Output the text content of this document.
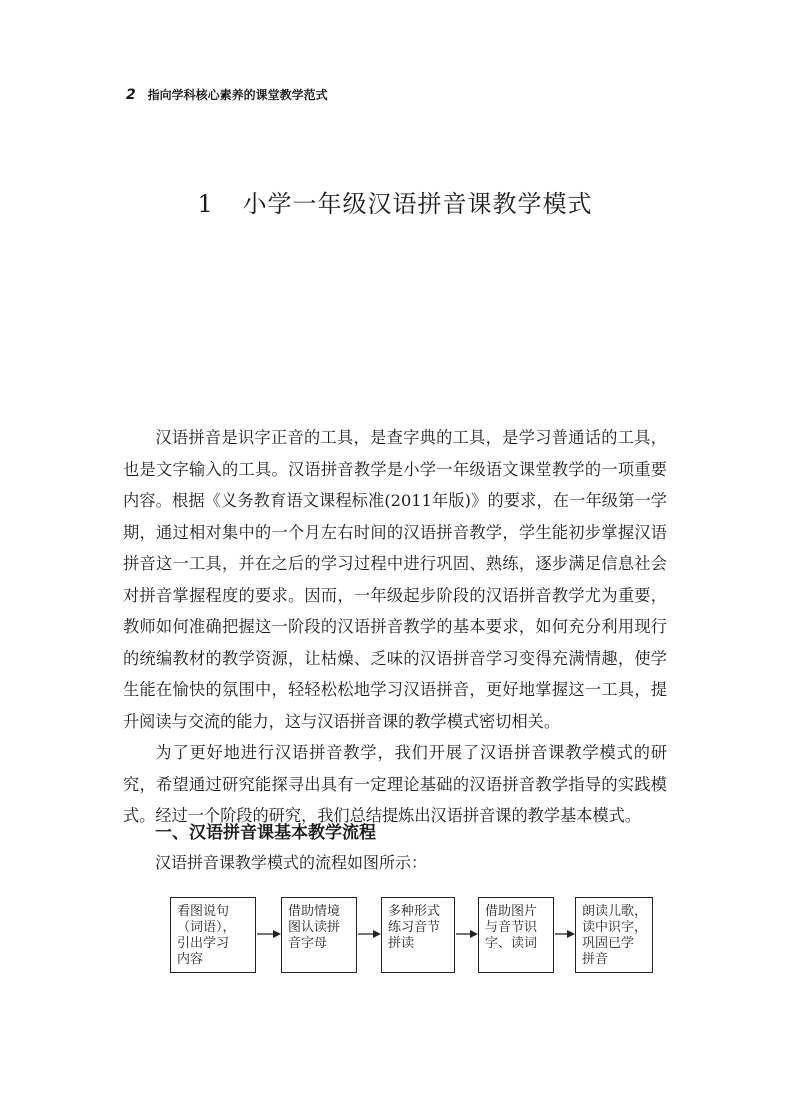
2 指向学科核心素养的课堂教学范式
1 小学一年级汉语拼音课教学模式

汉语拼音是识字正音的工具，是查字典的工具，是学习普通话的工具，也是文字输入的工具。汉语拼音教学是小学一年级语文课堂教学的一项重要内容。根据《义务教育语文课程标准(2011年版)》的要求，在一年级第一学期，通过相对集中的一个月左右时间的汉语拼音教学，学生能初步掌握汉语拼音这一工具，并在之后的学习过程中进行巩固、熟练，逐步满足信息社会对拼音掌握程度的要求。因而，一年级起步阶段的汉语拼音教学尤为重要，教师如何准确把握这一阶段的汉语拼音教学的基本要求，如何充分利用现行的统编教材的教学资源，让枯燥、乏味的汉语拼音学习变得充满情趣，使学生能在愉快的氛围中，轻轻松松地学习汉语拼音，更好地掌握这一工具，提升阅读与交流的能力，这与汉语拼音课的教学模式密切相关。

为了更好地进行汉语拼音教学，我们开展了汉语拼音课教学模式的研究，希望通过研究能探寻出具有一定理论基础的汉语拼音教学指导的实践模式。经过一个阶段的研究，我们总结提炼出汉语拼音课的教学基本模式。

一、汉语拼音课基本教学流程
汉语拼音课教学模式的流程如图所示：
看图说句
（词语），
引出学习
内容
借助情境
图认读拼
音字母
多种形式
练习音节
拼读
借助图片
与音节识
字、读词
朗读儿歌，
读中识字，
巩固已学
拼音
